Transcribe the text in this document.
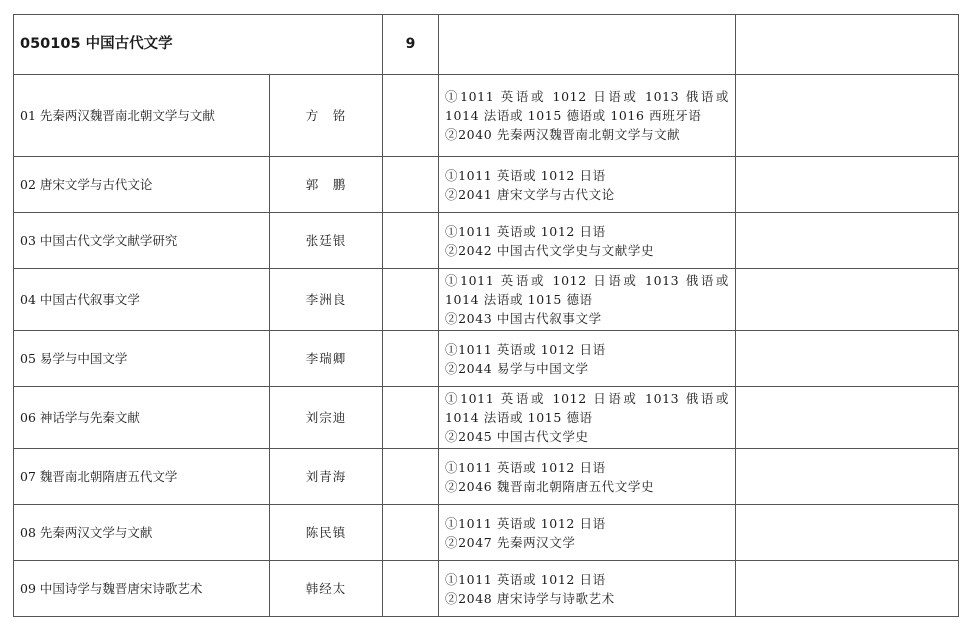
050105 中国古代文学		9		
01 先秦两汉魏晋南北朝文学与文献	方　铭		①1011 英语或 1012 日语或 1013 俄语或 1014 法语或 1015 德语或 1016 西班牙语
②2040 先秦两汉魏晋南北朝文学与文献	

02 唐宋文学与古代文论	郭　鹏		①1011 英语或 1012 日语
②2041 唐宋文学与古代文论	

03 中国古代文学文献学研究	张廷银		①1011 英语或 1012 日语
②2042 中国古代文学史与文献学史	

04 中国古代叙事文学	李洲良		①1011 英语或 1012 日语或 1013 俄语或 1014 法语或 1015 德语
②2043 中国古代叙事文学	

05 易学与中国文学	李瑞卿		①1011 英语或 1012 日语
②2044 易学与中国文学	

06 神话学与先秦文献	刘宗迪		①1011 英语或 1012 日语或 1013 俄语或 1014 法语或 1015 德语
②2045 中国古代文学史	

07 魏晋南北朝隋唐五代文学	刘青海		①1011 英语或 1012 日语
②2046 魏晋南北朝隋唐五代文学史	

08 先秦两汉文学与文献	陈民镇		①1011 英语或 1012 日语
②2047 先秦两汉文学	

09 中国诗学与魏晋唐宋诗歌艺术	韩经太		①1011 英语或 1012 日语
②2048 唐宋诗学与诗歌艺术	
